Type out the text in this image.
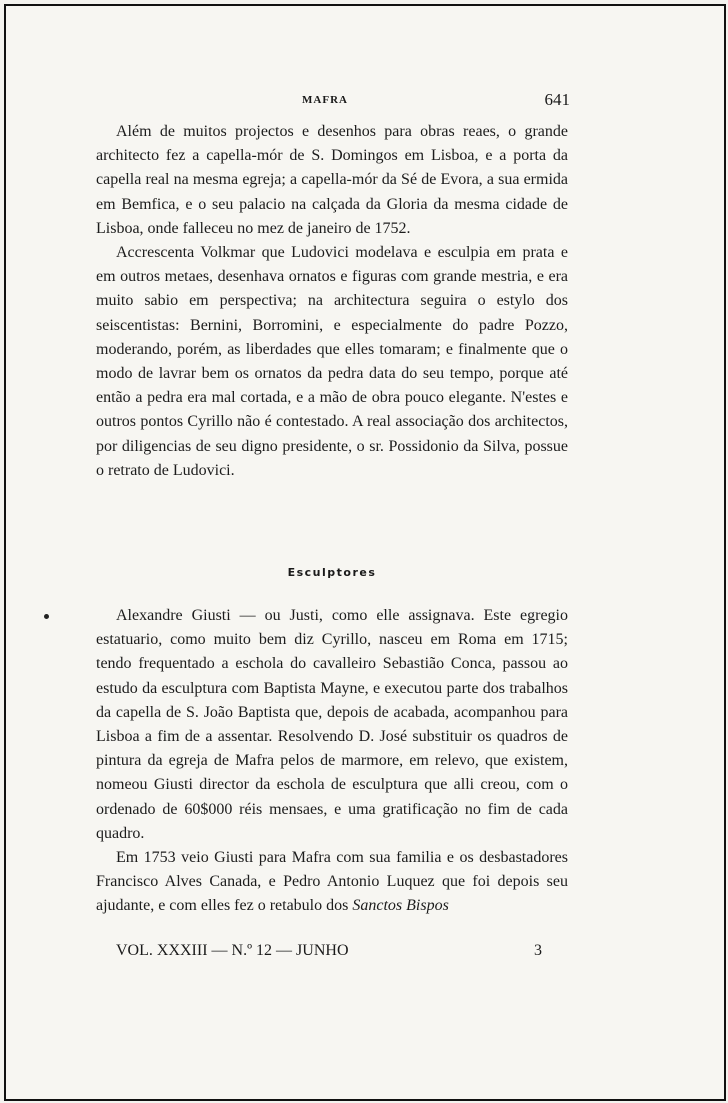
MAFRA	641

Além de muitos projectos e desenhos para obras reaes, o grande architecto fez a capella-mór de S. Domingos em Lisboa, e a porta da capella real na mesma egreja; a capella-mór da Sé de Evora, a sua ermida em Bemfica, e o seu palacio na calçada da Gloria da mesma cidade de Lisboa, onde falleceu no mez de janeiro de 1752.

Accrescenta Volkmar que Ludovici modelava e esculpia em prata e em outros metaes, desenhava ornatos e figuras com grande mestria, e era muito sabio em perspectiva; na architectura seguira o estylo dos seiscentistas: Bernini, Borromini, e especialmente do padre Pozzo, moderando, porém, as liberdades que elles tomaram; e finalmente que o modo de lavrar bem os ornatos da pedra data do seu tempo, porque até então a pedra era mal cortada, e a mão de obra pouco elegante. N'estes e outros pontos Cyrillo não é contestado. A real associação dos architectos, por diligencias de seu digno presidente, o sr. Possidonio da Silva, possue o retrato de Ludovici.

Esculptores

Alexandre Giusti — ou Justi, como elle assignava. Este egregio estatuario, como muito bem diz Cyrillo, nasceu em Roma em 1715; tendo frequentado a eschola do cavalleiro Sebastião Conca, passou ao estudo da esculptura com Baptista Mayne, e executou parte dos trabalhos da capella de S. João Baptista que, depois de acabada, acompanhou para Lisboa a fim de a assentar. Resolvendo D. José substituir os quadros de pintura da egreja de Mafra pelos de marmore, em relevo, que existem, nomeou Giusti director da eschola de esculptura que alli creou, com o ordenado de 60$000 réis mensaes, e uma gratificação no fim de cada quadro.

Em 1753 veio Giusti para Mafra com sua familia e os desbastadores Francisco Alves Canada, e Pedro Antonio Luquez que foi depois seu ajudante, e com elles fez o retabulo dos Sanctos Bispos

VOL. XXXIII — N.º 12 — JUNHO	3
